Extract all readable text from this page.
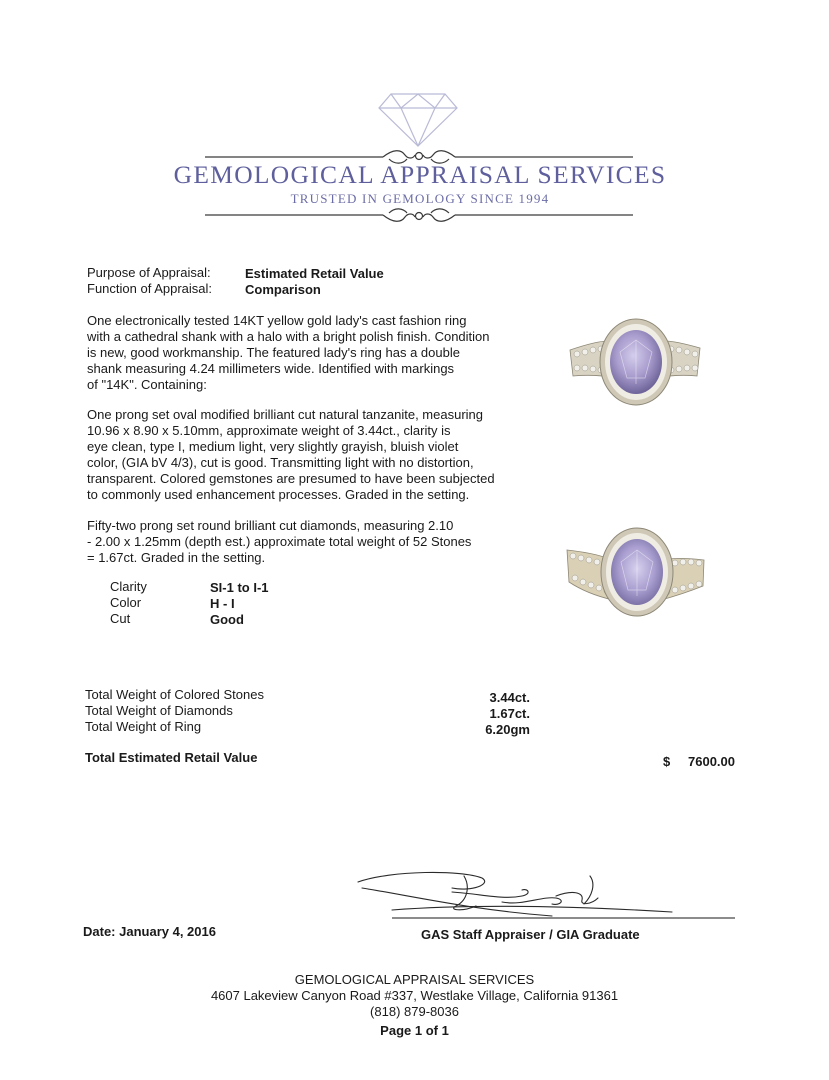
GEMOLOGICAL APPRAISAL SERVICES
TRUSTED IN GEMOLOGY SINCE 1994
Purpose of Appraisal:	Estimated Retail Value
Function of Appraisal:	Comparison
One electronically tested 14KT yellow gold lady's cast fashion ring
with a cathedral shank with a halo with a bright polish finish. Condition
is new, good workmanship. The featured lady's ring has a double
shank measuring 4.24 millimeters wide. Identified with markings
of "14K". Containing:
One prong set oval modified brilliant cut natural tanzanite, measuring
10.96 x 8.90 x 5.10mm, approximate weight of 3.44ct., clarity is
eye clean, type I, medium light, very slightly grayish, bluish violet
color, (GIA bV 4/3), cut is good. Transmitting light with no distortion,
transparent. Colored gemstones are presumed to have been subjected
to commonly used enhancement processes. Graded in the setting.
Fifty-two prong set round brilliant cut diamonds, measuring 2.10
- 2.00 x 1.25mm (depth est.) approximate total weight of 52 Stones
= 1.67ct. Graded in the setting.
Clarity	SI-1 to I-1
Color	H - I
Cut	Good
Total Weight of Colored Stones	3.44ct.
Total Weight of Diamonds	1.67ct.
Total Weight of Ring	6.20gm
Total Estimated Retail Value	$	7600.00
Date: January 4, 2016	GAS Staff Appraiser / GIA Graduate
GEMOLOGICAL APPRAISAL SERVICES
4607 Lakeview Canyon Road #337, Westlake Village, California 91361
(818) 879-8036
Page 1 of 1
